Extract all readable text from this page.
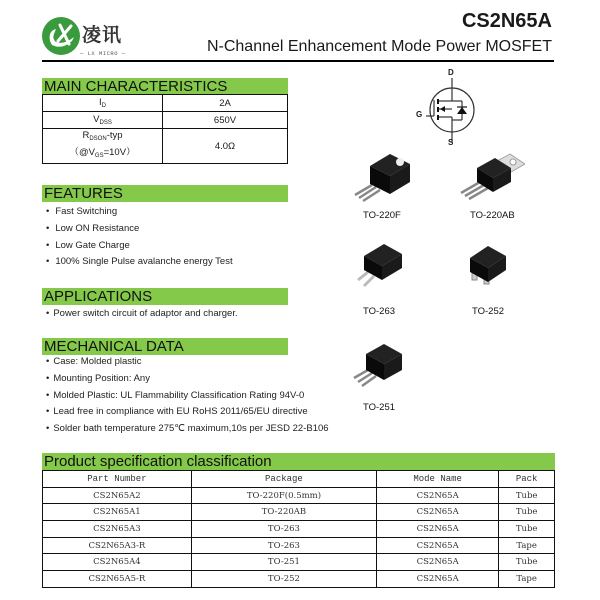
凌讯
— LX MICRO —
CS2N65A
N-Channel Enhancement Mode Power MOSFET
MAIN CHARACTERISTICS
$I_D$	2A
$V_{DSS}$	650V
$R_{DSON}$-typ
$(@V_{GS}=10V)$	4.0Ω
FEATURES
• Fast Switching
• Low ON Resistance
• Low Gate Charge
• 100% Single Pulse avalanche energy Test
APPLICATIONS
• Power switch circuit of adaptor and charger.
MECHANICAL DATA
• Case: Molded plastic
• Mounting Position: Any
• Molded Plastic: UL Flammability Classification Rating 94V-0
• Lead free in compliance with EU RoHS 2011/65/EU directive
• Solder bath temperature 275℃ maximum,10s per JESD 22-B106
D
G
S
TO-220F	TO-220AB
TO-263	TO-252
TO-251
Product specification classification
Part Number	Package	Mode Name	Pack
CS2N65A2	TO-220F(0.5mm)	CS2N65A	Tube
CS2N65A1	TO-220AB	CS2N65A	Tube
CS2N65A3	TO-263	CS2N65A	Tube
CS2N65A3-R	TO-263	CS2N65A	Tape
CS2N65A4	TO-251	CS2N65A	Tube
CS2N65A5-R	TO-252	CS2N65A	Tape
